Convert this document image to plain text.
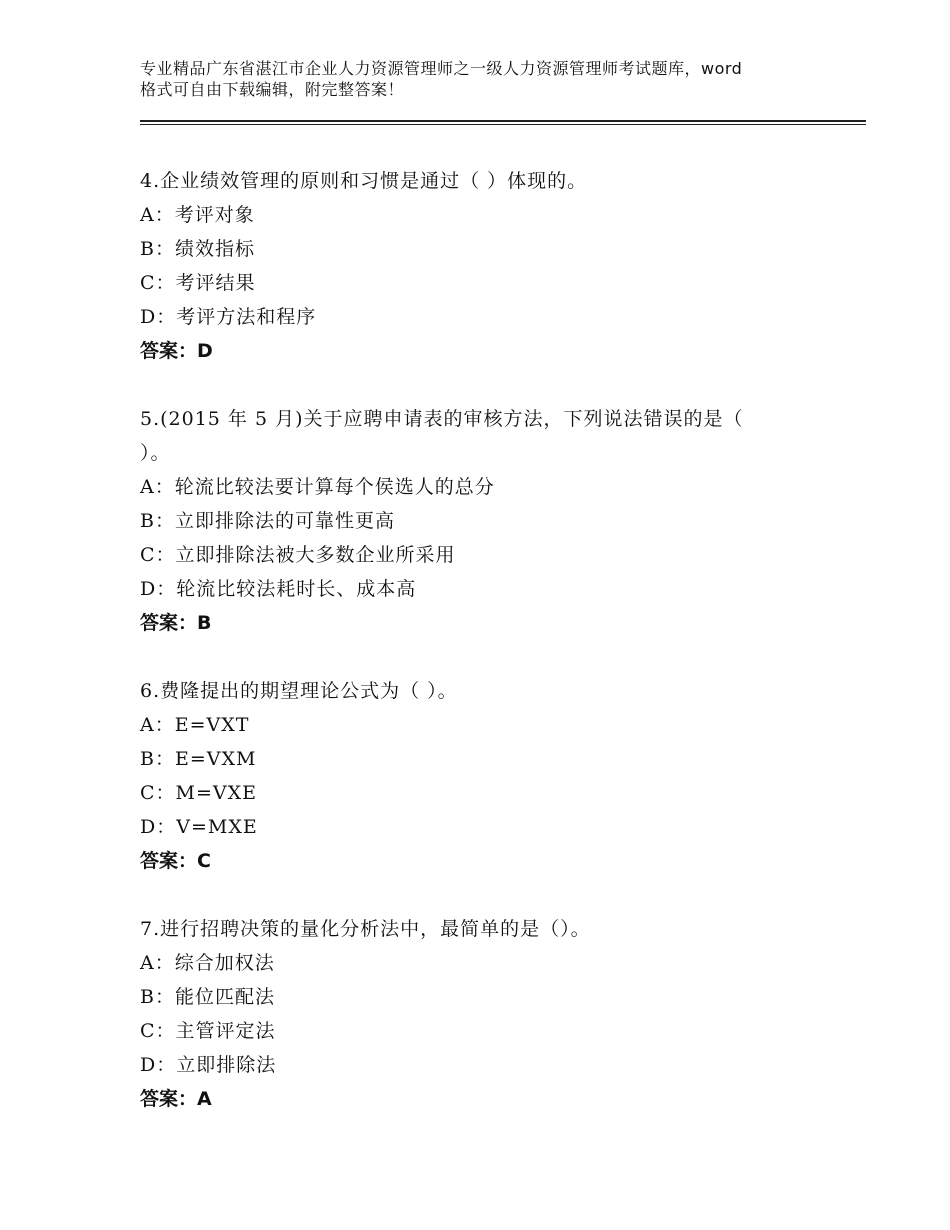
专业精品广东省湛江市企业人力资源管理师之一级人力资源管理师考试题库，word
格式可自由下载编辑，附完整答案！
4.企业绩效管理的原则和习惯是通过（ ）体现的。
A：考评对象
B：绩效指标
C：考评结果
D：考评方法和程序
答案：D
5.(2015 年 5 月)关于应聘申请表的审核方法，下列说法错误的是（
）。
A：轮流比较法要计算每个侯选人的总分
B：立即排除法的可靠性更高
C：立即排除法被大多数企业所采用
D：轮流比较法耗时长、成本高
答案：B
6.费隆提出的期望理论公式为（ ）。
A：E=VXT
B：E=VXM
C：M=VXE
D：V=MXE
答案：C
7.进行招聘决策的量化分析法中，最简单的是（）。
A：综合加权法
B：能位匹配法
C：主管评定法
D：立即排除法
答案：A
